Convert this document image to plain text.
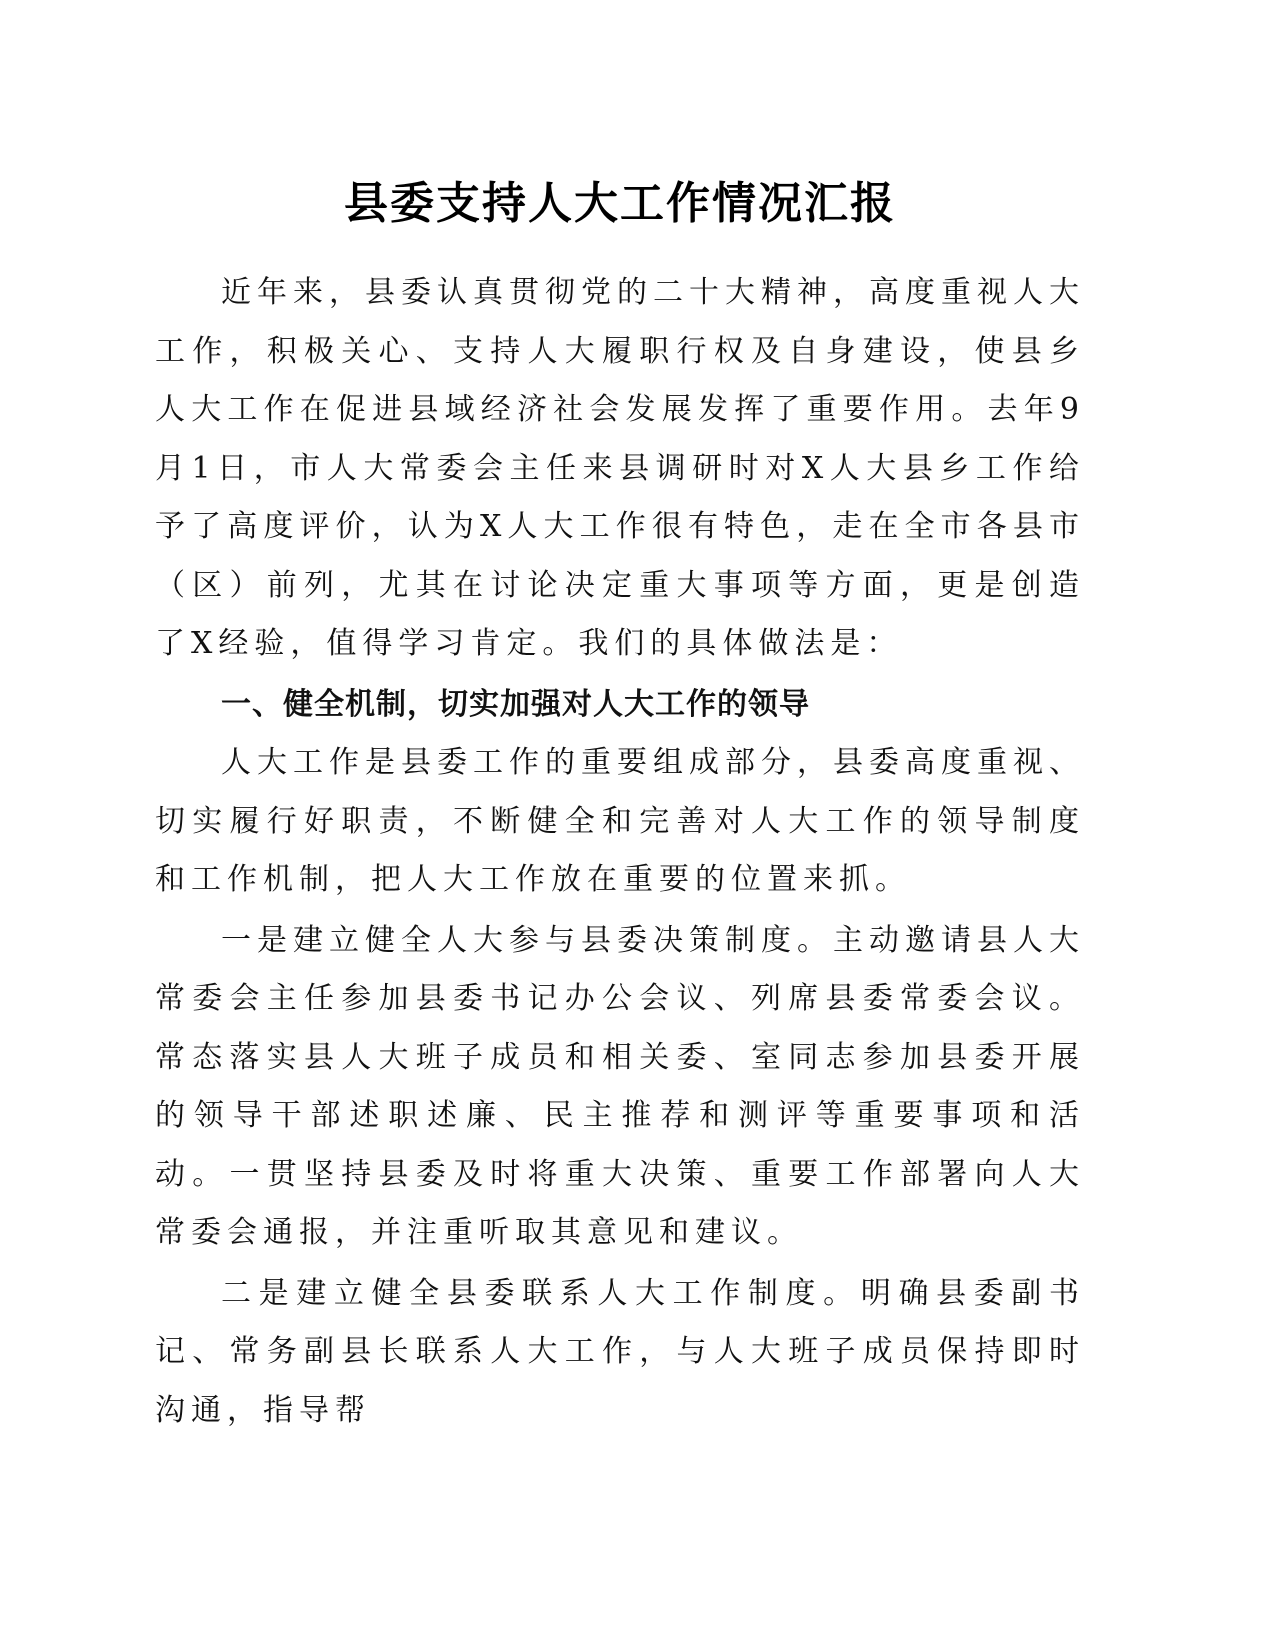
县委支持人大工作情况汇报

近年来，县委认真贯彻党的二十大精神，高度重视人大工作，积极关心、支持人大履职行权及自身建设，使县乡人大工作在促进县域经济社会发展发挥了重要作用。去年9月1日，市人大常委会主任来县调研时对X人大县乡工作给予了高度评价，认为X人大工作很有特色，走在全市各县市（区）前列，尤其在讨论决定重大事项等方面，更是创造了X经验，值得学习肯定。我们的具体做法是：

一、健全机制，切实加强对人大工作的领导

人大工作是县委工作的重要组成部分，县委高度重视、切实履行好职责，不断健全和完善对人大工作的领导制度和工作机制，把人大工作放在重要的位置来抓。

一是建立健全人大参与县委决策制度。主动邀请县人大常委会主任参加县委书记办公会议、列席县委常委会议。常态落实县人大班子成员和相关委、室同志参加县委开展的领导干部述职述廉、民主推荐和测评等重要事项和活动。一贯坚持县委及时将重大决策、重要工作部署向人大常委会通报，并注重听取其意见和建议。

二是建立健全县委联系人大工作制度。明确县委副书记、常务副县长联系人大工作，与人大班子成员保持即时沟通，指导帮
